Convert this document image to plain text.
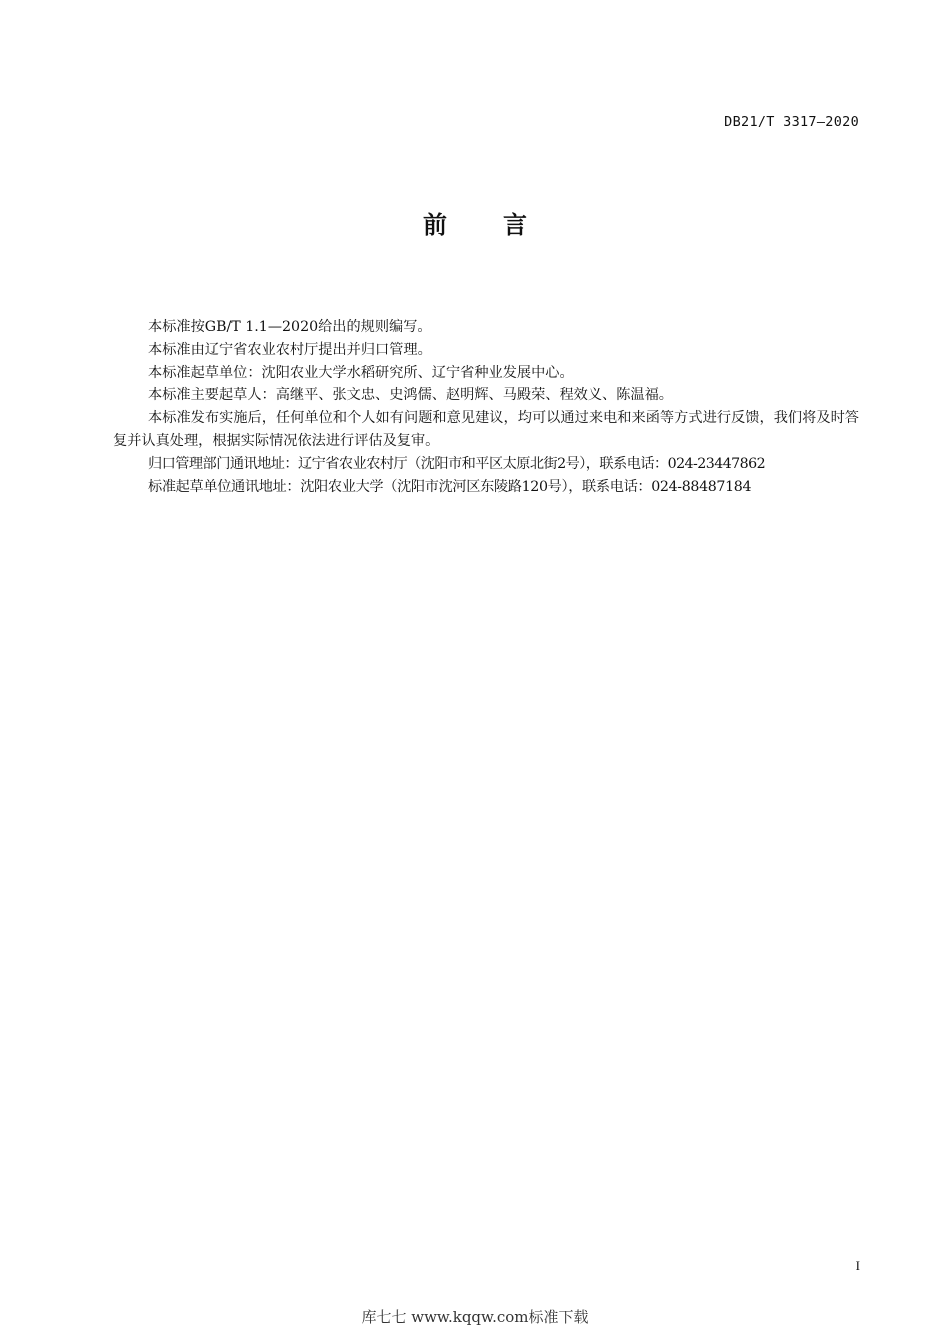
DB21/T 3317—2020
前 言

本标准按GB/T 1.1—2020给出的规则编写。

本标准由辽宁省农业农村厅提出并归口管理。

本标准起草单位：沈阳农业大学水稻研究所、辽宁省种业发展中心。

本标准主要起草人：高继平、张文忠、史鸿儒、赵明辉、马殿荣、程效义、陈温福。

本标准发布实施后，任何单位和个人如有问题和意见建议，均可以通过来电和来函等方式进行反馈，我们将及时答复并认真处理，根据实际情况依法进行评估及复审。

归口管理部门通讯地址：辽宁省农业农村厅（沈阳市和平区太原北街2号），联系电话：024-23447862

标准起草单位通讯地址：沈阳农业大学（沈阳市沈河区东陵路120号），联系电话：024-88487184

I
库七七 www.kqqw.com标准下载
